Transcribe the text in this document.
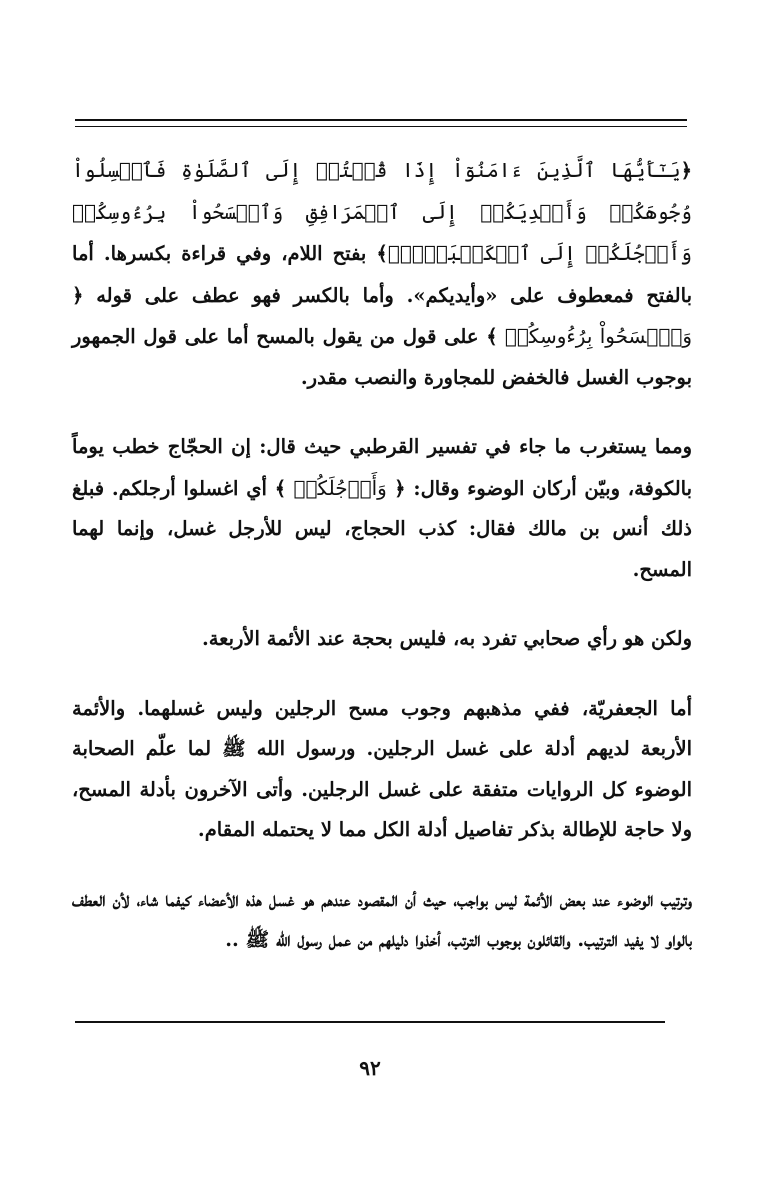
﴿يَـٰٓأَيُّهَا ٱلَّذِينَ ءَامَنُوٓاْ إِذَا قُمۡتُمۡ إِلَى ٱلصَّلَوٰةِ فَٱغۡسِلُواْ وُجُوهَكُمۡ وَأَيۡدِيَكُمۡ إِلَى ٱلۡمَرَافِقِ وَٱمۡسَحُواْ بِرُءُوسِكُمۡ وَأَرۡجُلَكُمۡ إِلَى ٱلۡكَعۡبَيۡنِۚ﴾ بفتح اللام، وفي قراءة بكسرها. أما بالفتح فمعطوف على «وأيديكم». وأما بالكسر فهو عطف على قوله ﴿ وَٱمۡسَحُواْ بِرُءُوسِكُمۡ ﴾ على قول من يقول بالمسح أما على قول الجمهور بوجوب الغسل فالخفض للمجاورة والنصب مقدر.

ومما يستغرب ما جاء في تفسير القرطبي حيث قال: إن الحجّاج خطب يوماً بالكوفة، وبيّن أركان الوضوء وقال: ﴿ وَأَرۡجُلَكُمۡ ﴾ أي اغسلوا أرجلكم. فبلغ ذلك أنس بن مالك فقال: كذب الحجاج، ليس للأرجل غسل، وإنما لهما المسح.

ولكن هو رأي صحابي تفرد به، فليس بحجة عند الأئمة الأربعة.

أما الجعفريّة، ففي مذهبهم وجوب مسح الرجلين وليس غسلهما. والأئمة الأربعة لديهم أدلة على غسل الرجلين. ورسول الله ﷺ لما علّم الصحابة الوضوء كل الروايات متفقة على غسل الرجلين. وأتى الآخرون بأدلة المسح، ولا حاجة للإطالة بذكر تفاصيل أدلة الكل مما لا يحتمله المقام.

وترتيب الوضوء عند بعض الأئمة ليس بواجب، حيث أن المقصود عندهم هو غسل هذه الأعضاء كيفما شاء، لأن العطف بالواو لا يفيد الترتيب. والقائلون بوجوب الترتب، أخذوا دليلهم من عمل رسول الله ﷺ ..

٩٢
